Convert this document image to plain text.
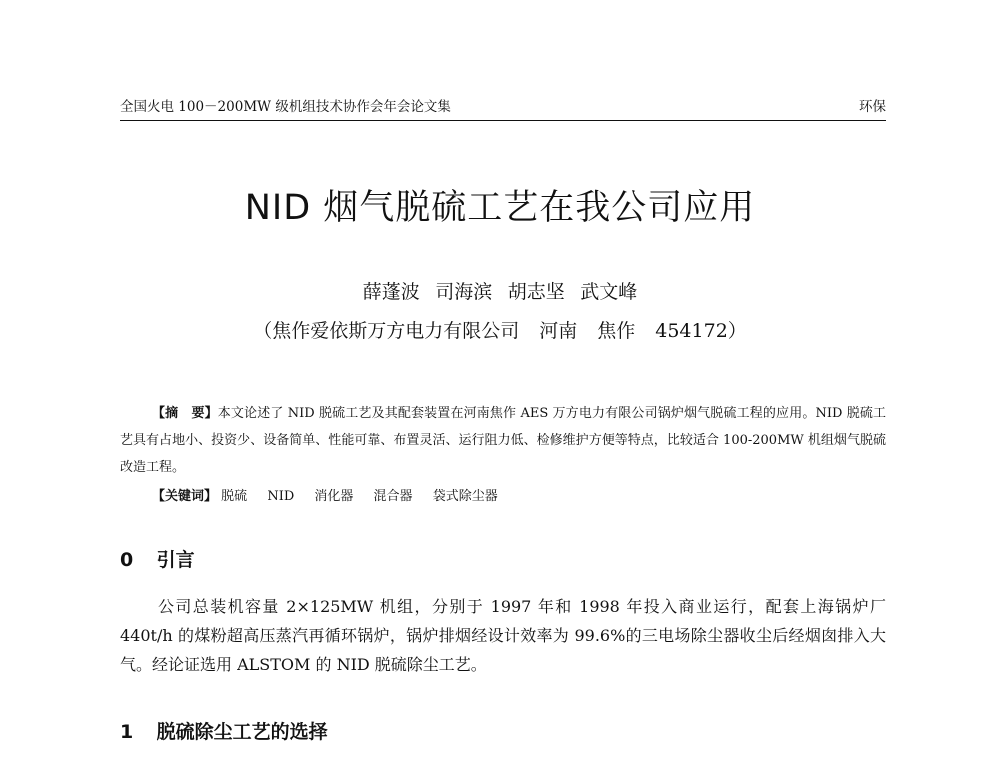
全国火电 100－200MW 级机组技术协作会年会论文集	环保
NID 烟气脱硫工艺在我公司应用
薛蓬波 司海滨 胡志坚 武文峰
（焦作爱依斯万方电力有限公司 河南 焦作 454172）

【摘　要】本文论述了 NID 脱硫工艺及其配套装置在河南焦作 AES 万方电力有限公司锅炉烟气脱硫工程的应用。NID 脱硫工艺具有占地小、投资少、设备简单、性能可靠、布置灵活、运行阻力低、检修维护方便等特点，比较适合 100-200MW 机组烟气脱硫改造工程。

【关键词】 脱硫 NID 消化器 混合器 袋式除尘器
0 引言

公司总装机容量 2×125MW 机组，分别于 1997 年和 1998 年投入商业运行，配套上海锅炉厂 440t/h 的煤粉超高压蒸汽再循环锅炉，锅炉排烟经设计效率为 99.6%的三电场除尘器收尘后经烟囱排入大气。经论证选用 ALSTOM 的 NID 脱硫除尘工艺。

1 脱硫除尘工艺的选择
